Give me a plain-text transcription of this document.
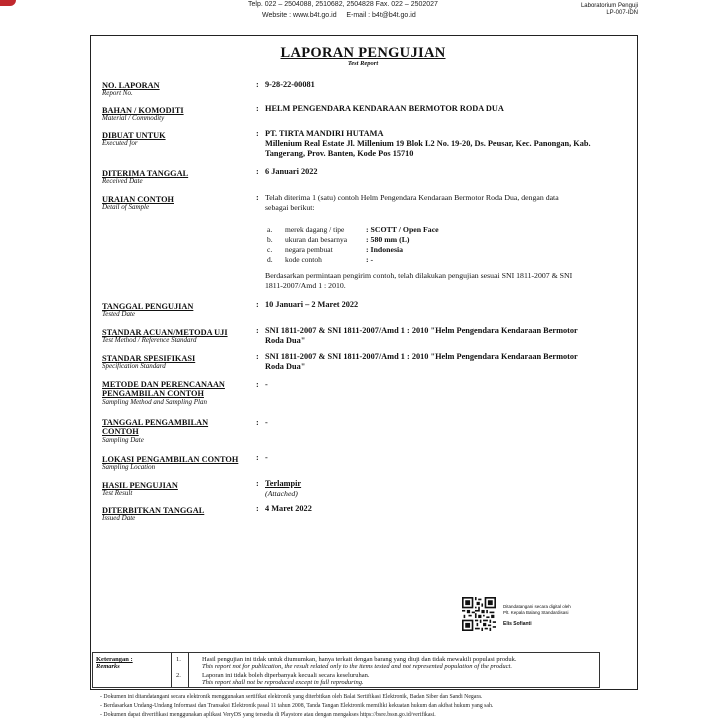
Telp. 022 – 2504088, 2510682, 2504828 Fax. 022 – 2502027
Website : www.b4t.go.id E-mail : b4t@b4t.go.id
Laboratorium Penguji
LP-007-IDN
LAPORAN PENGUJIAN
Test Report
NO. LAPORAN
Report No.
: 9-28-22-00081
BAHAN / KOMODITI
Material / Commodity
: HELM PENGENDARA KENDARAAN BERMOTOR RODA DUA
DIBUAT UNTUK
Executed for
: PT. TIRTA MANDIRI HUTAMA
Millenium Real Estate Jl. Millenium 19 Blok L2 No. 19-20, Ds. Peusar, Kec. Panongan, Kab.
Tangerang, Prov. Banten, Kode Pos 15710
DITERIMA TANGGAL
Received Date
: 6 Januari 2022
URAIAN CONTOH
Detail of Sample
: Telah diterima 1 (satu) contoh Helm Pengendara Kendaraan Bermotor Roda Dua, dengan data
sebagai berikut:
a. merek dagang / tipe	: SCOTT / Open Face
b. ukuran dan besarnya : 580 mm (L)
c. negara pembuat	: Indonesia
d. kode contoh	: -
Berdasarkan permintaan pengirim contoh, telah dilakukan pengujian sesuai SNI 1811-2007 & SNI
1811-2007/Amd 1 : 2010.
TANGGAL PENGUJIAN
Tested Date
: 10 Januari – 2 Maret 2022
STANDAR ACUAN/METODA UJI
Test Method / Reference Standard
: SNI 1811-2007 & SNI 1811-2007/Amd 1 : 2010 "Helm Pengendara Kendaraan Bermotor
Roda Dua"
STANDAR SPESIFIKASI
Specification Standard
: SNI 1811-2007 & SNI 1811-2007/Amd 1 : 2010 "Helm Pengendara Kendaraan Bermotor
Roda Dua"
METODE DAN PERENCANAAN
PENGAMBILAN CONTOH
Sampling Method and Sampling Plan
: -
TANGGAL PENGAMBILAN
CONTOH
Sampling Date
: -
LOKASI PENGAMBILAN CONTOH
Sampling Location
: -
HASIL PENGUJIAN
Test Result
: Terlampir
(Attached)
DITERBITKAN TANGGAL
Issued Date
: 4 Maret 2022
Ditandatangani secara digital oleh
Plt. Kepala Balang Standardisasi
Elis Sofianti
Keterangan :
Remarks
1.	Hasil pengujian ini tidak untuk diumumkan, hanya terkait dengan barang yang diuji dan tidak mewakili populasi produk.
This report not for publication, the result related only to the items tested and not represented population of the product.
2.	Laporan ini tidak boleh diperbanyak kecuali secara keseluruhan.
This report shall not be reproduced except in full reproduring.
- Dokumen ini ditandatangani secara elektronik menggunakan sertifikat elektronik yang diterbitkan oleh Balai Sertifikasi Elektronik, Badan Siber dan Sandi Negara.
- Berdasarkan Undang-Undang Informasi dan Transaksi Elektronik pasal 11 tahun 2008, Tanda Tangan Elektronik memiliki kekuatan hukum dan akibat hukum yang sah.
- Dokumen dapat diverifikasi menggunakan aplikasi VeryDS yang tersedia di Playstore atau dengan mengakses https://bsre.bssn.go.id/verifikasi.
